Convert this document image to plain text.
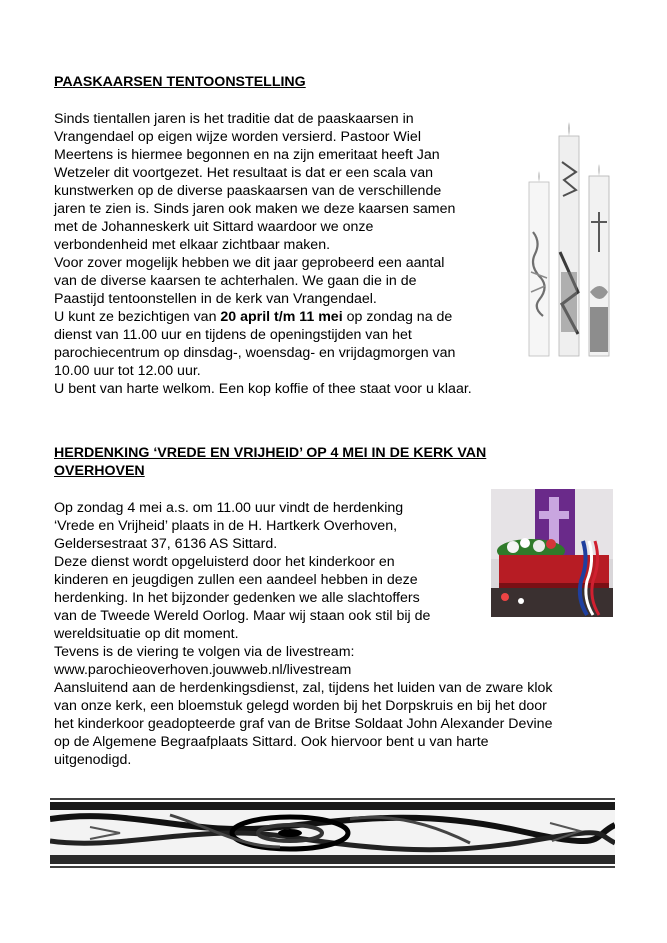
PAASKAARSEN TENTOONSTELLING

Sinds tientallen jaren is het traditie dat de paaskaarsen in
Vrangendael op eigen wijze worden versierd. Pastoor Wiel
Meertens is hiermee begonnen en na zijn emeritaat heeft Jan
Wetzeler dit voortgezet. Het resultaat is dat er een scala van
kunstwerken op de diverse paaskaarsen van de verschillende
jaren te zien is. Sinds jaren ook maken we deze kaarsen samen
met de Johanneskerk uit Sittard waardoor we onze
verbondenheid met elkaar zichtbaar maken.
Voor zover mogelijk hebben we dit jaar geprobeerd een aantal
van de diverse kaarsen te achterhalen. We gaan die in de
Paastijd tentoonstellen in de kerk van Vrangendael.
U kunt ze bezichtigen van 20 april t/m 11 mei op zondag na de
dienst van 11.00 uur en tijdens de openingstijden van het
parochiecentrum op dinsdag-, woensdag- en vrijdagmorgen van
10.00 uur tot 12.00 uur.
U bent van harte welkom. Een kop koffie of thee staat voor u klaar.

HERDENKING ‘VREDE EN VRIJHEID’ OP 4 MEI IN DE KERK VAN
OVERHOVEN

Op zondag 4 mei a.s. om 11.00 uur vindt de herdenking
‘Vrede en Vrijheid’ plaats in de H. Hartkerk Overhoven,
Geldersestraat 37, 6136 AS Sittard.
Deze dienst wordt opgeluisterd door het kinderkoor en
kinderen en jeugdigen zullen een aandeel hebben in deze
herdenking. In het bijzonder gedenken we alle slachtoffers
van de Tweede Wereld Oorlog. Maar wij staan ook stil bij de
wereldsituatie op dit moment.
Tevens is de viering te volgen via de livestream:
www.parochieoverhoven.jouwweb.nl/livestream
Aansluitend aan de herdenkingsdienst, zal, tijdens het luiden van de zware klok
van onze kerk, een bloemstuk gelegd worden bij het Dorpskruis en bij het door
het kinderkoor geadopteerde graf van de Britse Soldaat John Alexander Devine
op de Algemene Begraafplaats Sittard. Ook hiervoor bent u van harte
uitgenodigd.
